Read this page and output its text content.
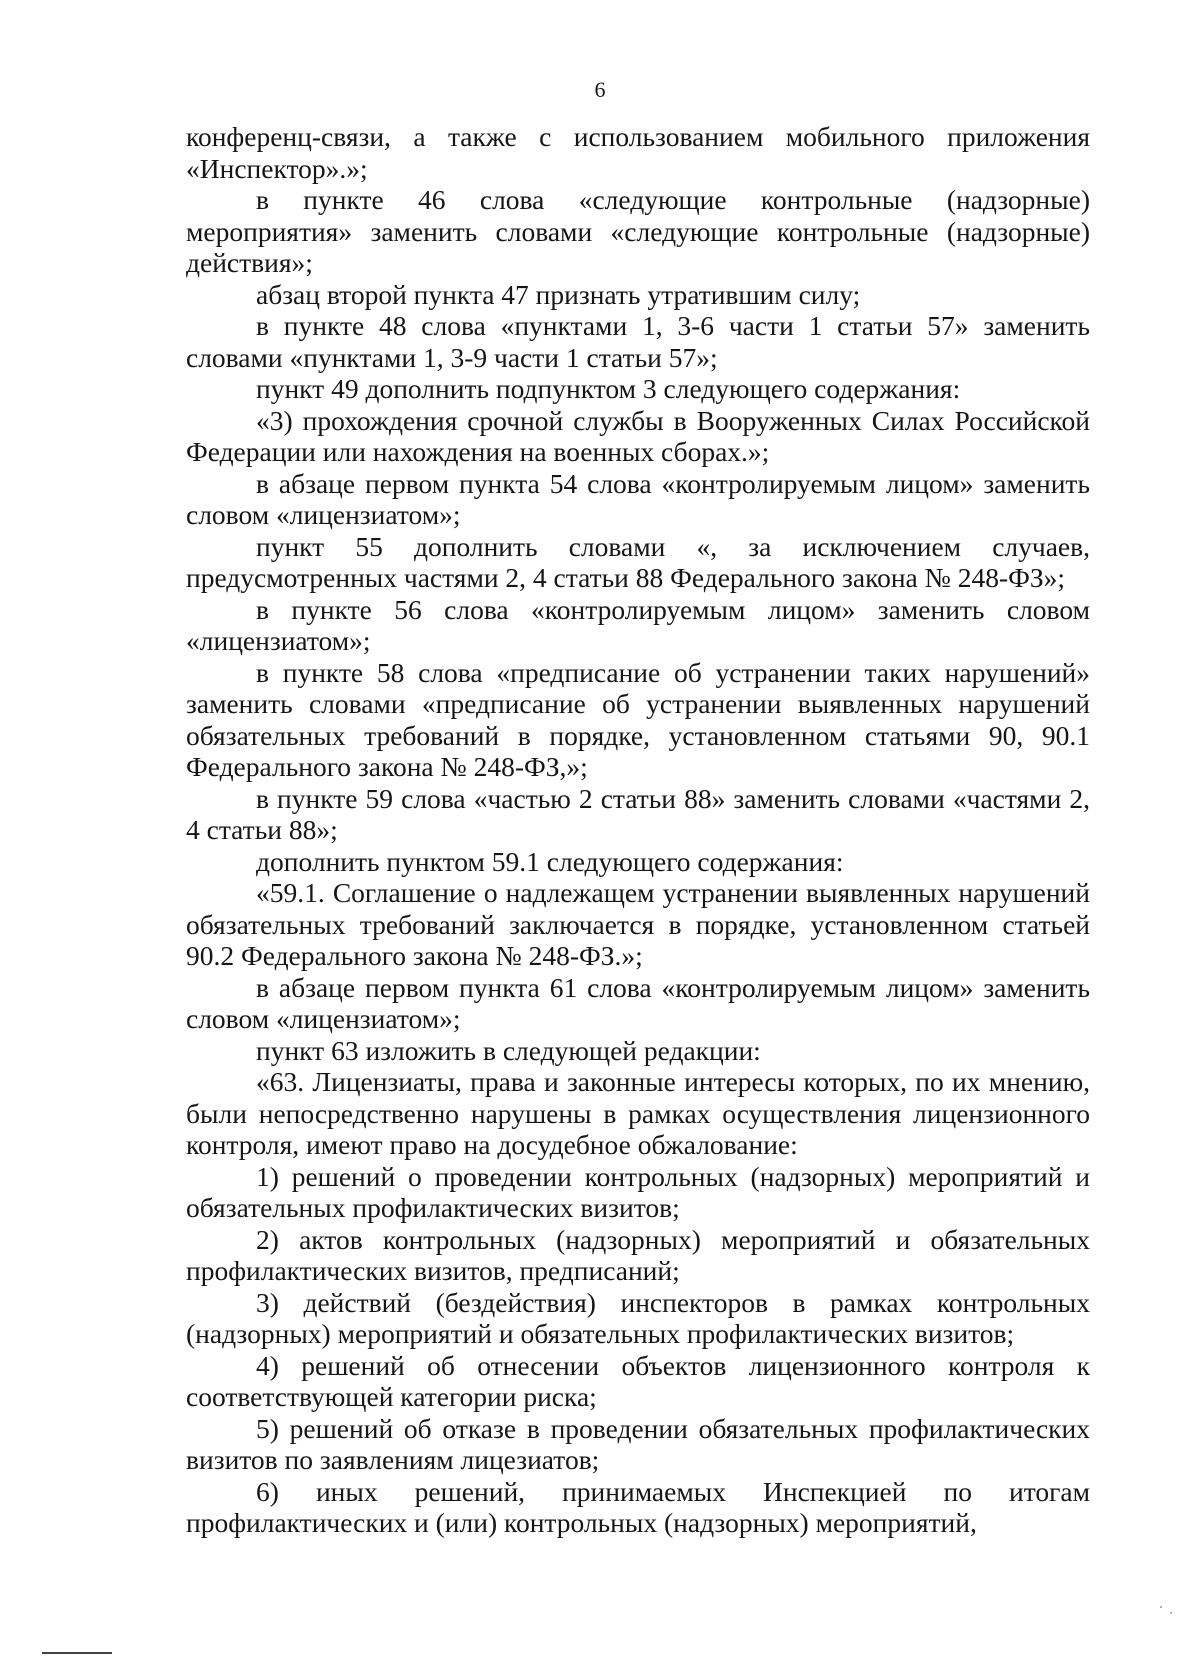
6

конференц-связи, а также с использованием мобильного приложения «Инспектор».»;

в пункте 46 слова «следующие контрольные (надзорные) мероприятия» заменить словами «следующие контрольные (надзорные) действия»;

абзац второй пункта 47 признать утратившим силу;

в пункте 48 слова «пунктами 1, 3-6 части 1 статьи 57» заменить словами «пунктами 1, 3-9 части 1 статьи 57»;

пункт 49 дополнить подпунктом 3 следующего содержания:

«3) прохождения срочной службы в Вооруженных Силах Российской Федерации или нахождения на военных сборах.»;

в абзаце первом пункта 54 слова «контролируемым лицом» заменить словом «лицензиатом»;

пункт 55 дополнить словами «, за исключением случаев, предусмотренных частями 2, 4 статьи 88 Федерального закона № 248-ФЗ»;

в пункте 56 слова «контролируемым лицом» заменить словом «лицензиатом»;

в пункте 58 слова «предписание об устранении таких нарушений» заменить словами «предписание об устранении выявленных нарушений обязательных требований в порядке, установленном статьями 90, 90.1 Федерального закона № 248-ФЗ,»;

в пункте 59 слова «частью 2 статьи 88» заменить словами «частями 2, 4 статьи 88»;

дополнить пунктом 59.1 следующего содержания:

«59.1. Соглашение о надлежащем устранении выявленных нарушений обязательных требований заключается в порядке, установленном статьей 90.2 Федерального закона № 248-ФЗ.»;

в абзаце первом пункта 61 слова «контролируемым лицом» заменить словом «лицензиатом»;

пункт 63 изложить в следующей редакции:

«63. Лицензиаты, права и законные интересы которых, по их мнению, были непосредственно нарушены в рамках осуществления лицензионного контроля, имеют право на досудебное обжалование:

1) решений о проведении контрольных (надзорных) мероприятий и обязательных профилактических визитов;

2) актов контрольных (надзорных) мероприятий и обязательных профилактических визитов, предписаний;

3) действий (бездействия) инспекторов в рамках контрольных (надзорных) мероприятий и обязательных профилактических визитов;

4) решений об отнесении объектов лицензионного контроля к соответствующей категории риска;

5) решений об отказе в проведении обязательных профилактических визитов по заявлениям лицезиатов;

6) иных решений, принимаемых Инспекцией по итогам профилактических и (или) контрольных (надзорных) мероприятий,
